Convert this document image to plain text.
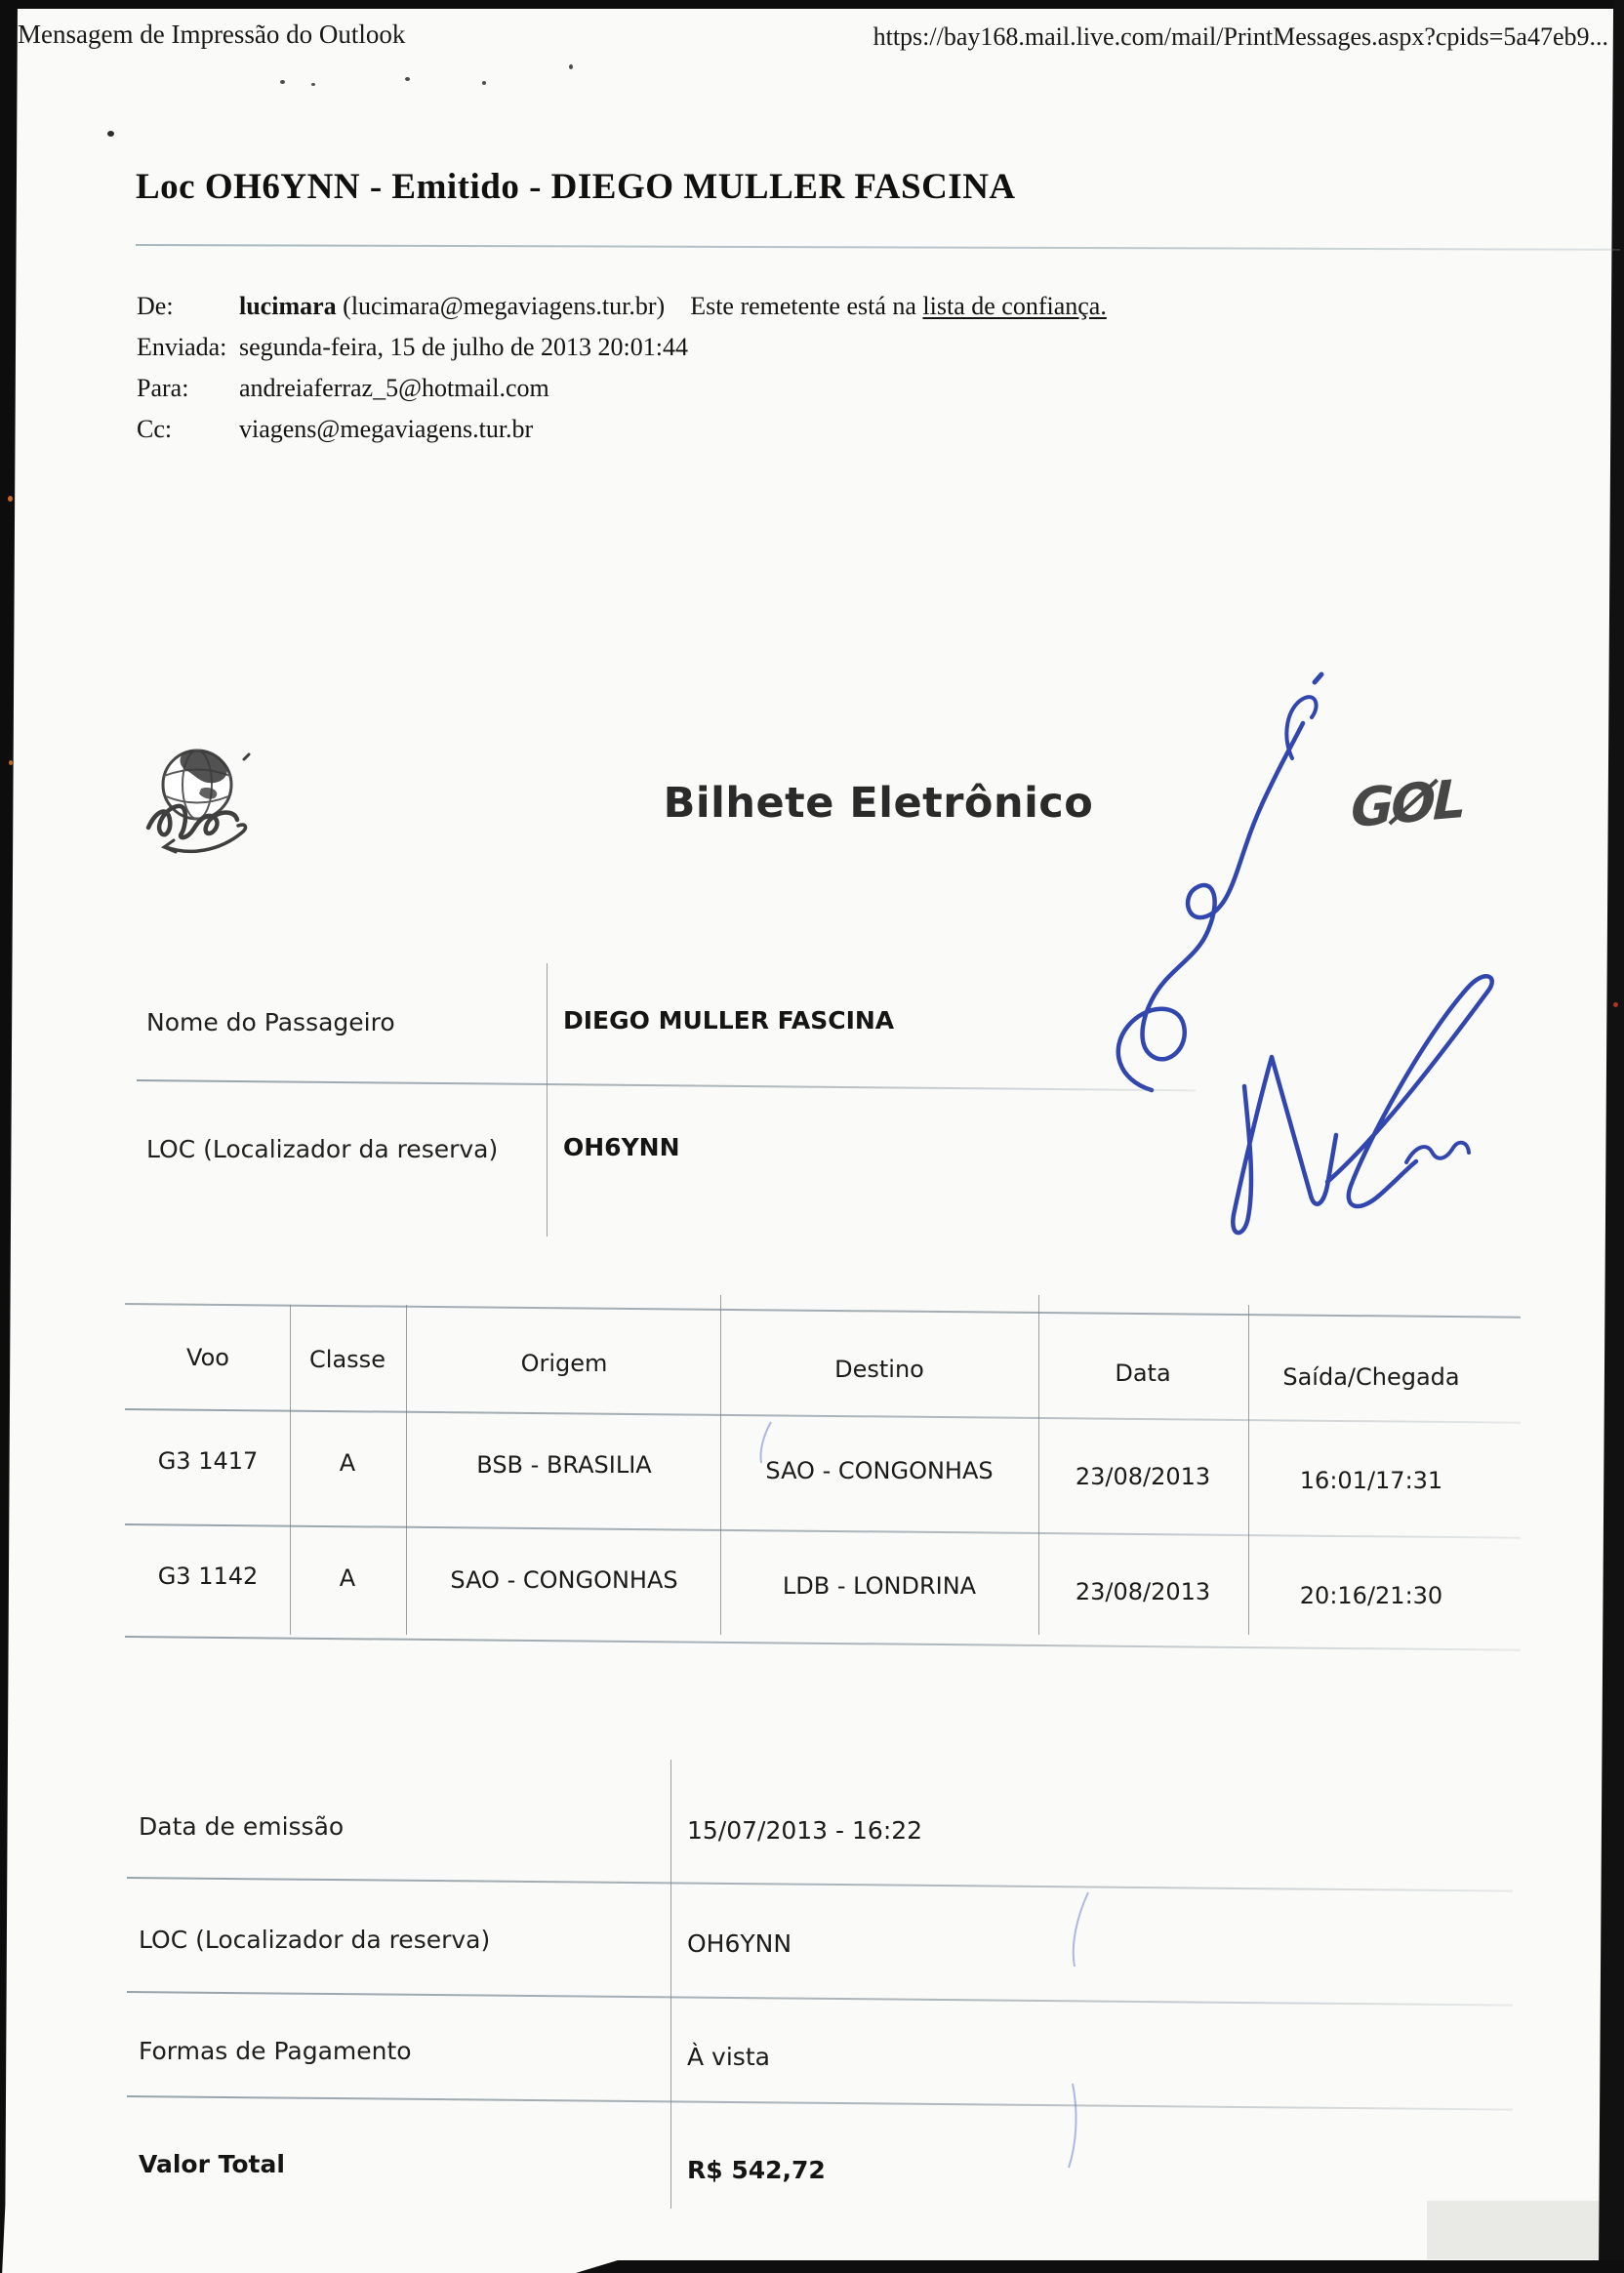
Mensagem de Impressão do Outlook	https://bay168.mail.live.com/mail/PrintMessages.aspx?cpids=5a47eb9...
Loc OH6YNN - Emitido - DIEGO MULLER FASCINA
De:	lucimara (lucimara@megaviagens.tur.br) Este remetente está na lista de confiança.
Enviada: segunda-feira, 15 de julho de 2013 20:01:44
Para:	andreiaferraz_5@hotmail.com
Cc:	viagens@megaviagens.tur.br
Bilhete Eletrônico	GØL
Nome do Passageiro	DIEGO MULLER FASCINA
LOC (Localizador da reserva)	OH6YNN
Voo	Classe	Origem	Destino	Data	Saída/Chegada
G3 1417	A	BSB - BRASILIA	SAO - CONGONHAS	23/08/2013	16:01/17:31
G3 1142	A	SAO - CONGONHAS	LDB - LONDRINA	23/08/2013	20:16/21:30
Data de emissão	15/07/2013 - 16:22
LOC (Localizador da reserva)	OH6YNN
Formas de Pagamento	À vista
Valor Total	R$ 542,72
